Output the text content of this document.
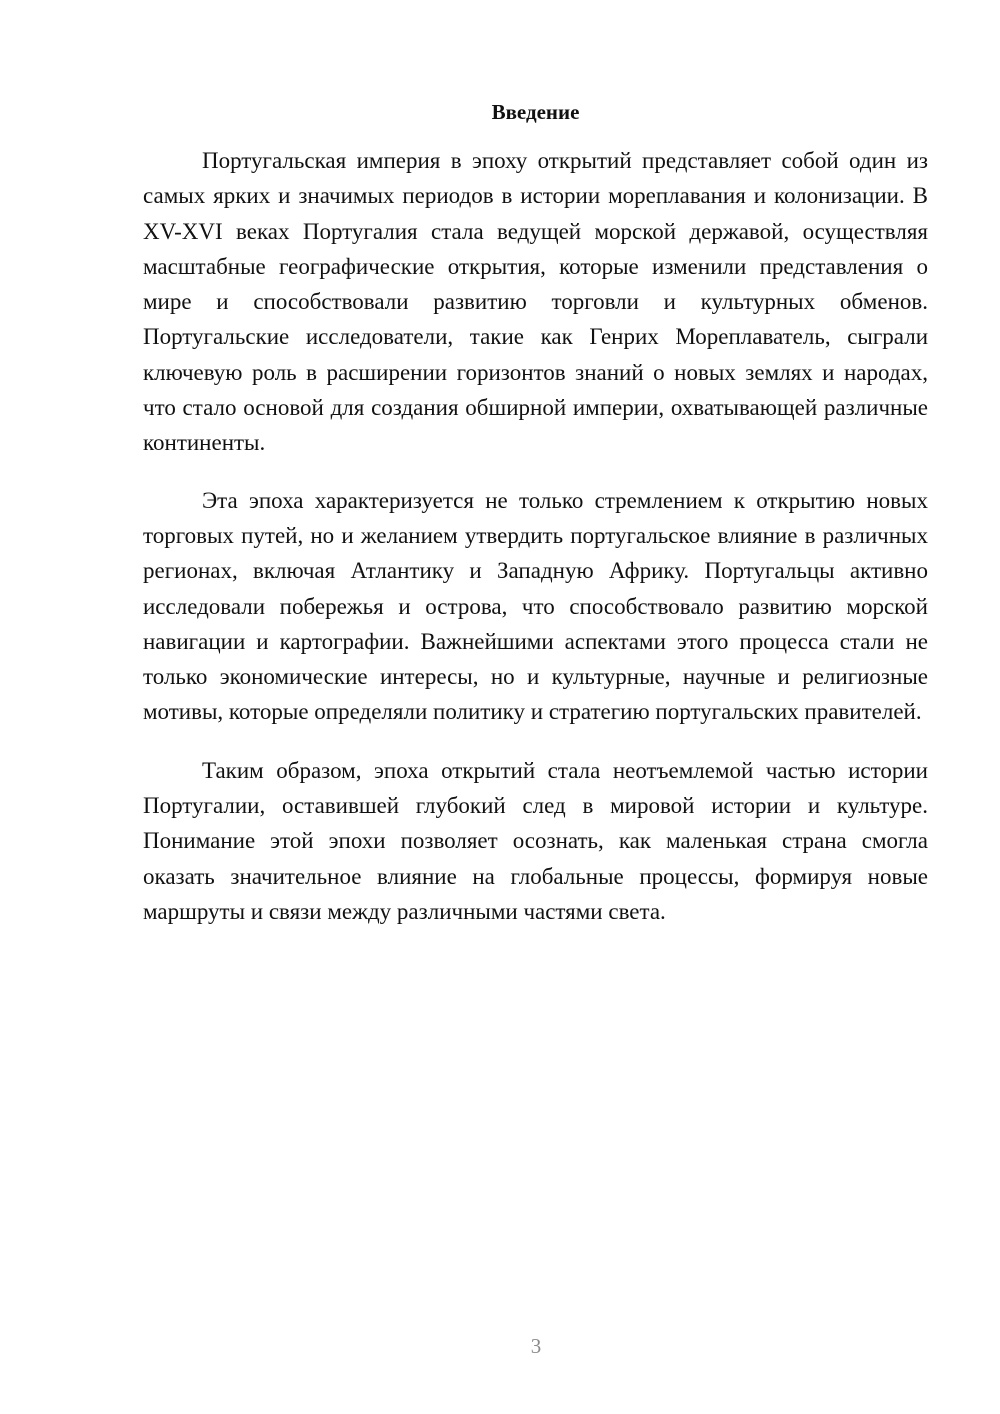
Введение

Португальская империя в эпоху открытий представляет собой один из самых ярких и значимых периодов в истории мореплавания и колонизации. В XV-XVI веках Португалия стала ведущей морской державой, осуществляя масштабные географические открытия, которые изменили представления о мире и способствовали развитию торговли и культурных обменов. Португальские исследователи, такие как Генрих Мореплаватель, сыграли ключевую роль в расширении горизонтов знаний о новых землях и народах, что стало основой для создания обширной империи, охватывающей различные континенты.

Эта эпоха характеризуется не только стремлением к открытию новых торговых путей, но и желанием утвердить португальское влияние в различных регионах, включая Атлантику и Западную Африку. Португальцы активно исследовали побережья и острова, что способствовало развитию морской навигации и картографии. Важнейшими аспектами этого процесса стали не только экономические интересы, но и культурные, научные и религиозные мотивы, которые определяли политику и стратегию португальских правителей.

Таким образом, эпоха открытий стала неотъемлемой частью истории Португалии, оставившей глубокий след в мировой истории и культуре. Понимание этой эпохи позволяет осознать, как маленькая страна смогла оказать значительное влияние на глобальные процессы, формируя новые маршруты и связи между различными частями света.

3
